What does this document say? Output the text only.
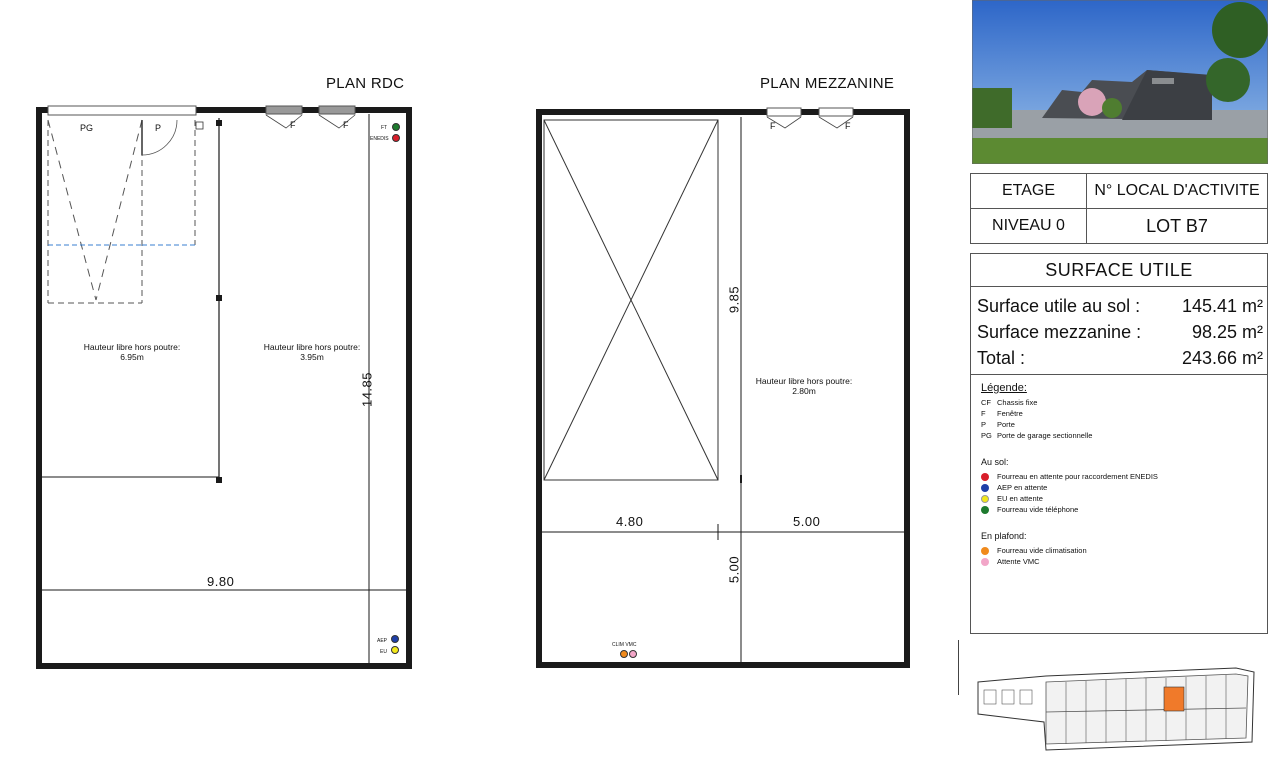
PLAN RDC
PG	P	F	F	FT
ENEDIS
AEP
EU
Hauteur libre hors poutre:
6.95m
Hauteur libre hors poutre:
3.95m
9.80
14.85
PLAN MEZZANINE
F	F
Hauteur libre hors poutre:
2.80m
4.80	5.00
9.85
5.00
CLIM VMC
ETAGE	N° LOCAL D'ACTIVITE
NIVEAU 0	LOT B7
SURFACE UTILE
Surface utile au sol : 145.41 m²
Surface mezzanine :	98.25 m²
Total :	243.66 m²
Légende:
CF Chassis fixe
F	Fenêtre
P	Porte
PG Porte de garage sectionnelle
Au sol:
Fourreau en attente pour raccordement ENEDIS
AEP en attente
EU en attente
Fourreau vide téléphone
En plafond:
Fourreau vide climatisation
Attente VMC
